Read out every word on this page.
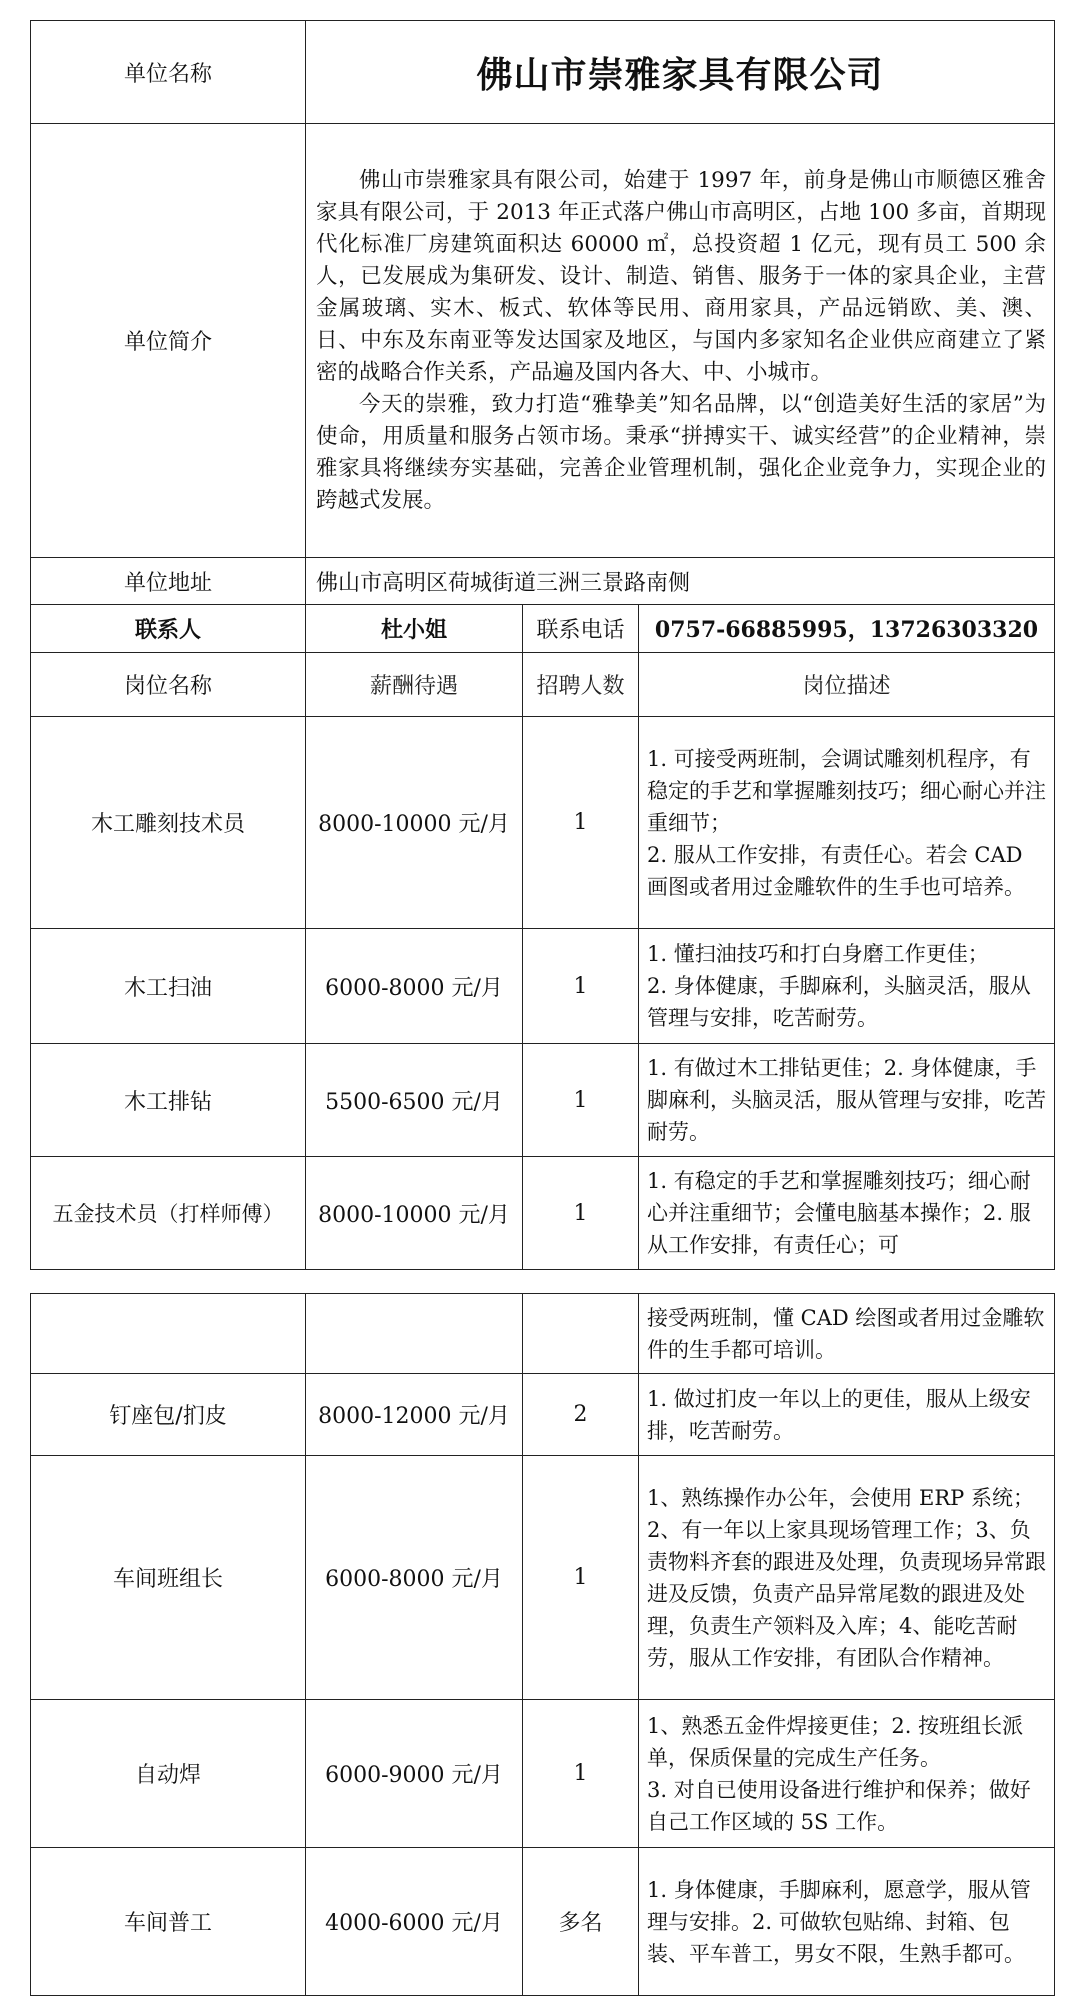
单位名称	佛山市崇雅家具有限公司		
单位简介	佛山市崇雅家具有限公司，始建于 1997 年，前身是佛山市顺德区雅舍家具有限公司，于 2013 年正式落户佛山市高明区，占地 100 多亩，首期现代化标准厂房建筑面积达 60000 ㎡，总投资超 1 亿元，现有员工 500 余人，已发展成为集研发、设计、制造、销售、服务于一体的家具企业，主营金属玻璃、实木、板式、软体等民用、商用家具，产品远销欧、美、澳、日、中东及东南亚等发达国家及地区，与国内多家知名企业供应商建立了紧密的战略合作关系，产品遍及国内各大、中、小城市。

今天的崇雅，致力打造“雅挚美”知名品牌，以“创造美好生活的家居”为使命，用质量和服务占领市场。秉承“拼搏实干、诚实经营”的企业精神，崇雅家具将继续夯实基础，完善企业管理机制，强化企业竞争力，实现企业的跨越式发展。		

单位地址	佛山市高明区荷城街道三洲三景路南侧		
联系人	杜小姐	联系电话	0757-66885995，13726303320
岗位名称	薪酬待遇	招聘人数	岗位描述
木工雕刻技术员	8000-10000 元/月	1	1. 可接受两班制，会调试雕刻机程序，有稳定的手艺和掌握雕刻技巧；细心耐心并注重细节；
2. 服从工作安排，有责任心。若会 CAD 画图或者用过金雕软件的生手也可培养。
木工扫油	6000-8000 元/月	1	1. 懂扫油技巧和打白身磨工作更佳；
2. 身体健康，手脚麻利，头脑灵活，服从管理与安排，吃苦耐劳。
木工排钻	5500-6500 元/月	1	1. 有做过木工排钻更佳；2. 身体健康，手脚麻利，头脑灵活，服从管理与安排，吃苦耐劳。
五金技术员（打样师傅）	8000-10000 元/月	1	1. 有稳定的手艺和掌握雕刻技巧；细心耐心并注重细节；会懂电脑基本操作；2. 服从工作安排，有责任心；可
			接受两班制，懂 CAD 绘图或者用过金雕软件的生手都可培训。
钉座包/扪皮	8000-12000 元/月	2	1. 做过扪皮一年以上的更佳，服从上级安排，吃苦耐劳。
车间班组长	6000-8000 元/月	1	1、熟练操作办公年，会使用 ERP 系统；2、有一年以上家具现场管理工作；3、负责物料齐套的跟进及处理，负责现场异常跟进及反馈，负责产品异常尾数的跟进及处理，负责生产领料及入库；4、能吃苦耐劳，服从工作安排，有团队合作精神。
自动焊	6000-9000 元/月	1	1、熟悉五金件焊接更佳；2. 按班组长派单，保质保量的完成生产任务。
3. 对自已使用设备进行维护和保养；做好自己工作区域的 5S 工作。
车间普工	4000-6000 元/月	多名	1. 身体健康，手脚麻利，愿意学，服从管理与安排。2. 可做软包贴绵、封箱、包装、平车普工，男女不限，生熟手都可。
